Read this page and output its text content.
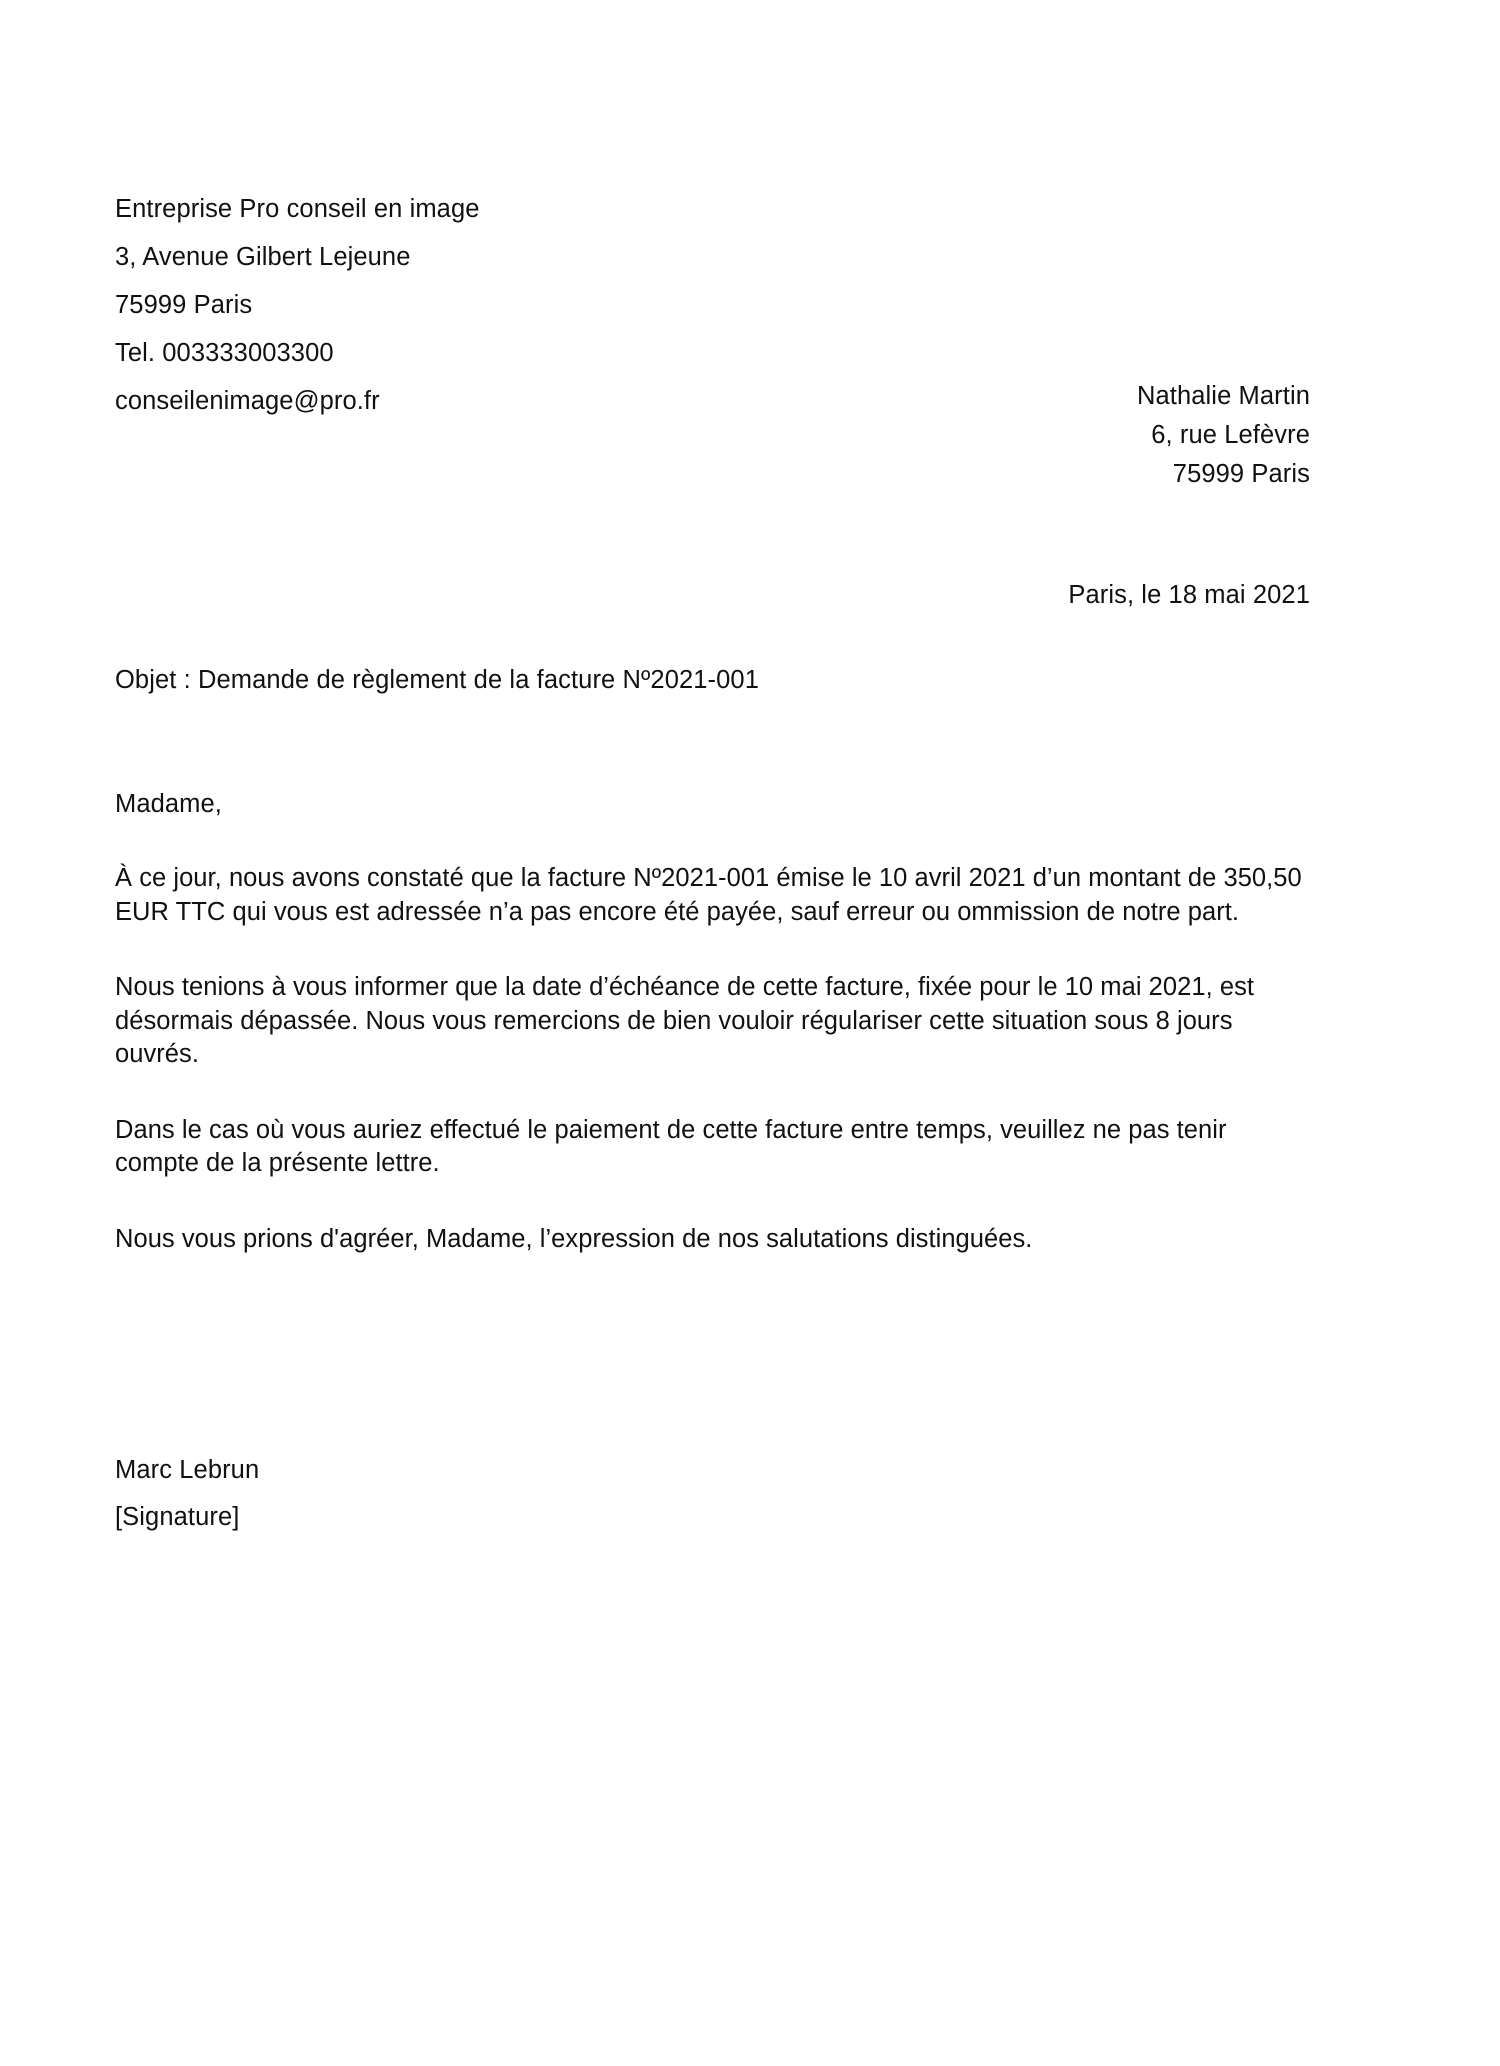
Entreprise Pro conseil en image
3, Avenue Gilbert Lejeune
75999 Paris
Tel. 003333003300
conseilenimage@pro.fr	Nathalie Martin
6, rue Lefèvre
75999 Paris
Paris, le 18 mai 2021
Objet : Demande de règlement de la facture Nº2021-001
Madame,

À ce jour, nous avons constaté que la facture Nº2021-001 émise le 10 avril 2021 d’un montant de 350,50 EUR TTC qui vous est adressée n’a pas encore été payée, sauf erreur ou ommission de notre part.

Nous tenions à vous informer que la date d’échéance de cette facture, fixée pour le 10 mai 2021, est désormais dépassée. Nous vous remercions de bien vouloir régulariser cette situation sous 8 jours ouvrés.

Dans le cas où vous auriez effectué le paiement de cette facture entre temps, veuillez ne pas tenir compte de la présente lettre.

Nous vous prions d'agréer, Madame, l’expression de nos salutations distinguées.

Marc Lebrun
[Signature]
